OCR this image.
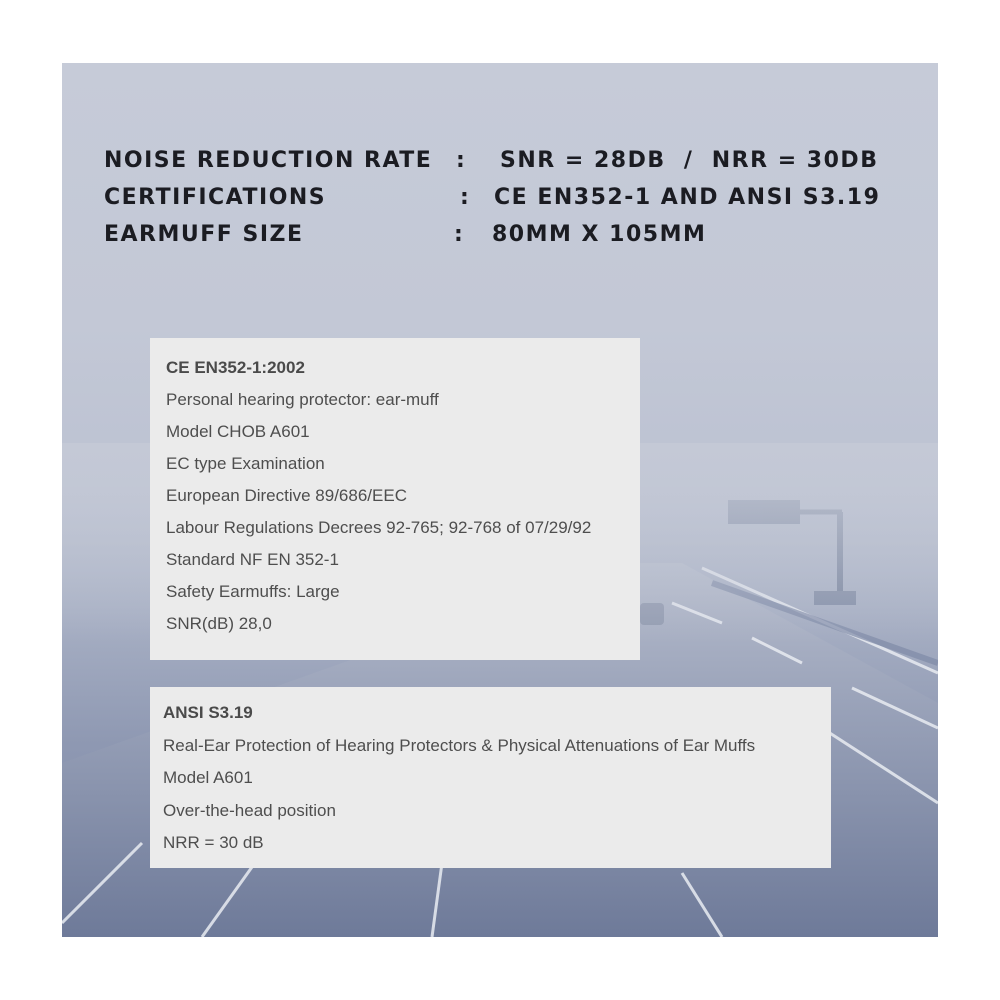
NOISE REDUCTION RATE : SNR = 28DB  /  NRR = 30DB
CERTIFICATIONS	: CE EN352-1 AND ANSI S3.19
EARMUFF SIZE	: 80MM X 105MM
CE EN352-1:2002
Personal hearing protector: ear-muff
Model CHOB A601
EC type Examination
European Directive 89/686/EEC
Labour Regulations Decrees 92-765; 92-768 of 07/29/92
Standard NF EN 352-1
Safety Earmuffs: Large
SNR(dB) 28,0
ANSI S3.19
Real-Ear Protection of Hearing Protectors & Physical Attenuations of Ear Muffs
Model A601
Over-the-head position
NRR = 30 dB
